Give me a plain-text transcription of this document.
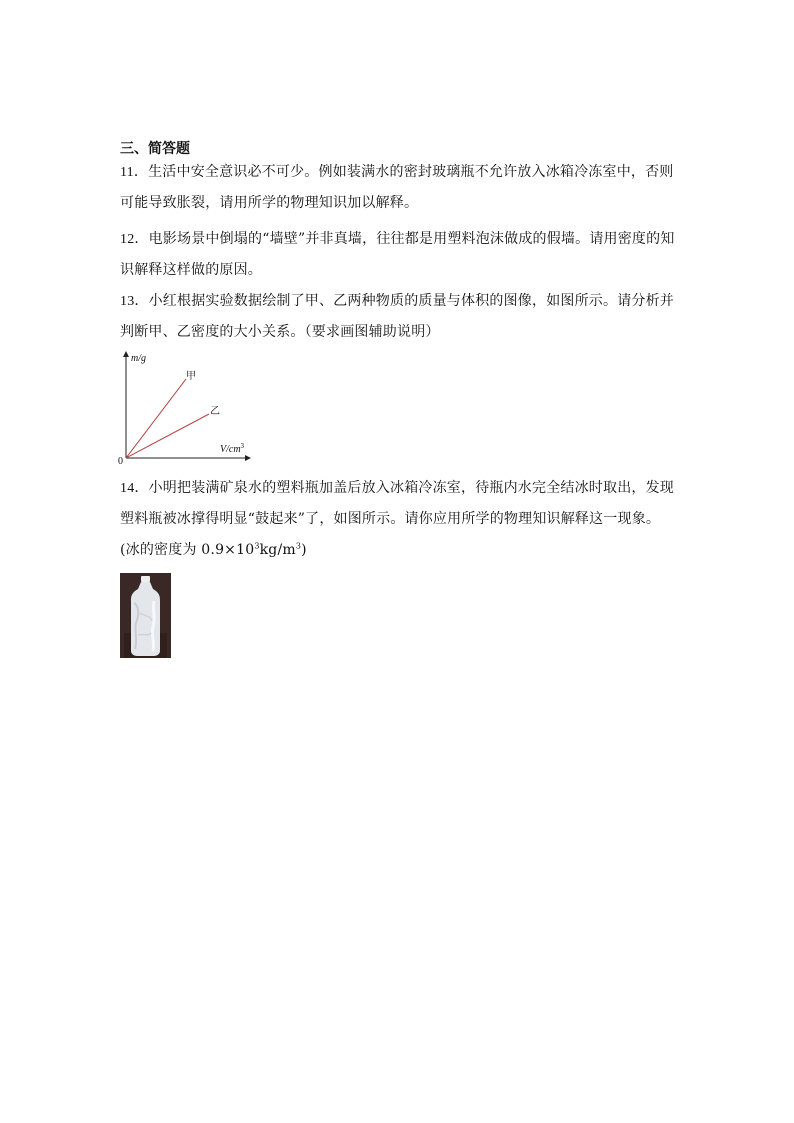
三、简答题
11．生活中安全意识必不可少。例如装满水的密封玻璃瓶不允许放入冰箱冷冻室中，否则可能导致胀裂，请用所学的物理知识加以解释。
12．电影场景中倒塌的“墙壁”并非真墙，往往都是用塑料泡沫做成的假墙。请用密度的知识解释这样做的原因。
13．小红根据实验数据绘制了甲、乙两种物质的质量与体积的图像，如图所示。请分析并判断甲、乙密度的大小关系。（要求画图辅助说明）
m/g
$V/cm^3$
0
甲
乙
14．小明把装满矿泉水的塑料瓶加盖后放入冰箱冷冻室，待瓶内水完全结冰时取出，发现塑料瓶被冰撑得明显“鼓起来”了，如图所示。请你应用所学的物理知识解释这一现象。(冰的密度为 $0.9\times 10^3kg/m^3$)
